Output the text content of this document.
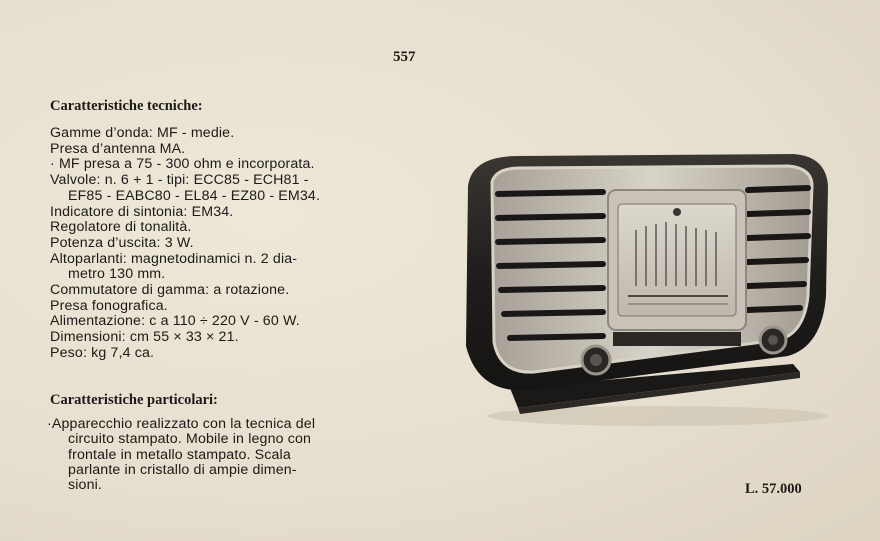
557
Caratteristiche tecniche:
Gamme d’onda: MF - medie.
Presa d’antenna MA.
· MF presa a 75 - 300 ohm e incorporata.
Valvole: n. 6 + 1 - tipi: ECC85 - ECH81 -
EF85 - EABC80 - EL84 - EZ80 - EM34.
Indicatore di sintonia: EM34.
Regolatore di tonalità.
Potenza d’uscita: 3 W.
Altoparlanti: magnetodinamici n. 2 dia-
metro 130 mm.
Commutatore di gamma: a rotazione.
Presa fonografica.
Alimentazione: c a 110 ÷ 220 V - 60 W.
Dimensioni: cm 55 × 33 × 21.
Peso: kg 7,4 ca.
Caratteristiche particolari:
·Apparecchio realizzato con la tecnica del
circuito stampato. Mobile in legno con
frontale in metallo stampato. Scala
parlante in cristallo di ampie dimen-
sioni.	L. 57.000
